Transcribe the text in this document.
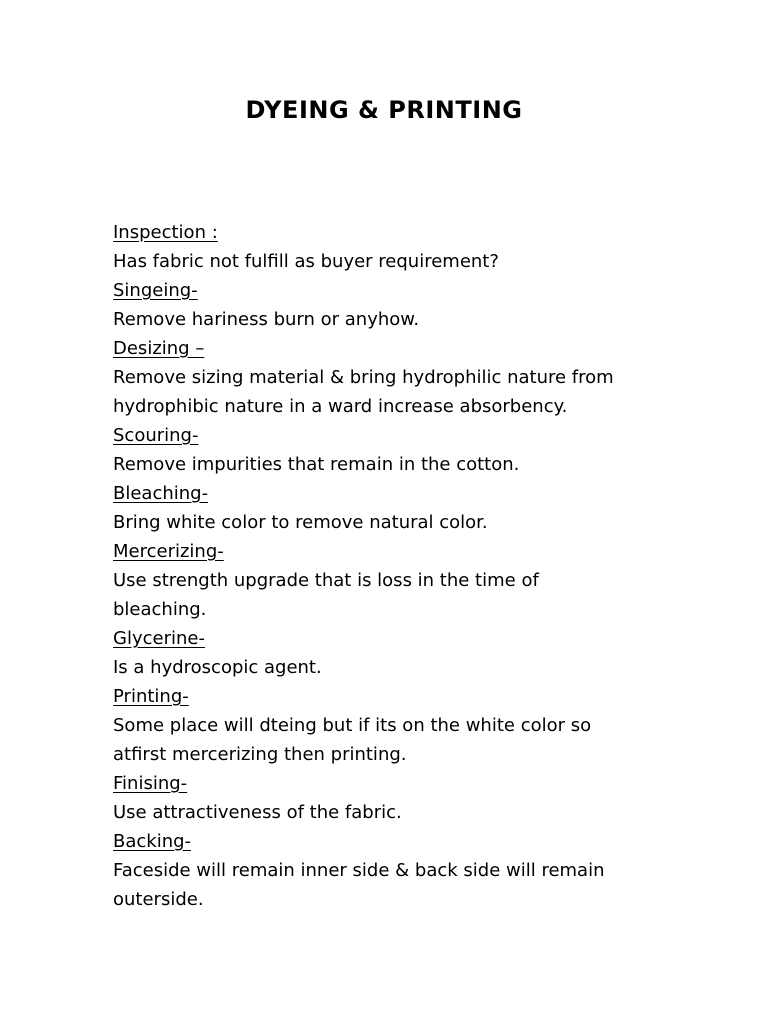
DYEING & PRINTING

Inspection :

Has fabric not fulfill as buyer requirement?

Singeing-

Remove hariness burn or anyhow.

Desizing –

Remove sizing material & bring hydrophilic nature from

hydrophibic nature in a ward increase absorbency.

Scouring-

Remove impurities that remain in the cotton.

Bleaching-

Bring white color to remove natural color.

Mercerizing-

Use strength upgrade that is loss in the time of

bleaching.

Glycerine-

Is a hydroscopic agent.

Printing-

Some place will dteing but if its on the white color so

atfirst mercerizing then printing.

Finising-

Use attractiveness of the fabric.

Backing-

Faceside will remain inner side & back side will remain

outerside.
